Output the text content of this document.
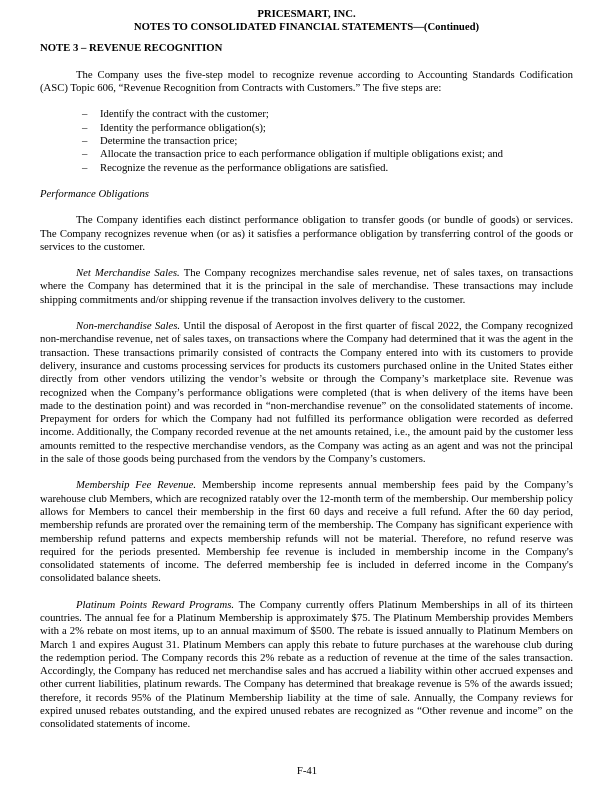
PRICESMART, INC.
NOTES TO CONSOLIDATED FINANCIAL STATEMENTS—(Continued)
NOTE 3 – REVENUE RECOGNITION

The Company uses the five-step model to recognize revenue according to Accounting Standards Codification (ASC) Topic 606, “Revenue Recognition from Contracts with Customers.” The five steps are:

–	Identify the contract with the customer;
–	Identity the performance obligation(s);
–	Determine the transaction price;
–	Allocate the transaction price to each performance obligation if multiple obligations exist; and
–	Recognize the revenue as the performance obligations are satisfied.

Performance Obligations

The Company identifies each distinct performance obligation to transfer goods (or bundle of goods) or services. The Company recognizes revenue when (or as) it satisfies a performance obligation by transferring control of the goods or services to the customer.

Net Merchandise Sales. The Company recognizes merchandise sales revenue, net of sales taxes, on transactions where the Company has determined that it is the principal in the sale of merchandise. These transactions may include shipping commitments and/or shipping revenue if the transaction involves delivery to the customer.

Non-merchandise Sales. Until the disposal of Aeropost in the first quarter of fiscal 2022, the Company recognized non-merchandise revenue, net of sales taxes, on transactions where the Company had determined that it was the agent in the transaction. These transactions primarily consisted of contracts the Company entered into with its customers to provide delivery, insurance and customs processing services for products its customers purchased online in the United States either directly from other vendors utilizing the vendor’s website or through the Company’s marketplace site. Revenue was recognized when the Company’s performance obligations were completed (that is when delivery of the items have been made to the destination point) and was recorded in “non-merchandise revenue” on the consolidated statements of income. Prepayment for orders for which the Company had not fulfilled its performance obligation were recorded as deferred income. Additionally, the Company recorded revenue at the net amounts retained, i.e., the amount paid by the customer less amounts remitted to the respective merchandise vendors, as the Company was acting as an agent and was not the principal in the sale of those goods being purchased from the vendors by the Company’s customers.

Membership Fee Revenue. Membership income represents annual membership fees paid by the Company’s warehouse club Members, which are recognized ratably over the 12-month term of the membership. Our membership policy allows for Members to cancel their membership in the first 60 days and receive a full refund. After the 60 day period, membership refunds are prorated over the remaining term of the membership. The Company has significant experience with membership refund patterns and expects membership refunds will not be material. Therefore, no refund reserve was required for the periods presented. Membership fee revenue is included in membership income in the Company's consolidated statements of income. The deferred membership fee is included in deferred income in the Company's consolidated balance sheets.

Platinum Points Reward Programs. The Company currently offers Platinum Memberships in all of its thirteen countries. The annual fee for a Platinum Membership is approximately $75. The Platinum Membership provides Members with a 2% rebate on most items, up to an annual maximum of $500. The rebate is issued annually to Platinum Members on March 1 and expires August 31. Platinum Members can apply this rebate to future purchases at the warehouse club during the redemption period. The Company records this 2% rebate as a reduction of revenue at the time of the sales transaction. Accordingly, the Company has reduced net merchandise sales and has accrued a liability within other accrued expenses and other current liabilities, platinum rewards. The Company has determined that breakage revenue is 5% of the awards issued; therefore, it records 95% of the Platinum Membership liability at the time of sale. Annually, the Company reviews for expired unused rebates outstanding, and the expired unused rebates are recognized as “Other revenue and income” on the consolidated statements of income.

F-41
